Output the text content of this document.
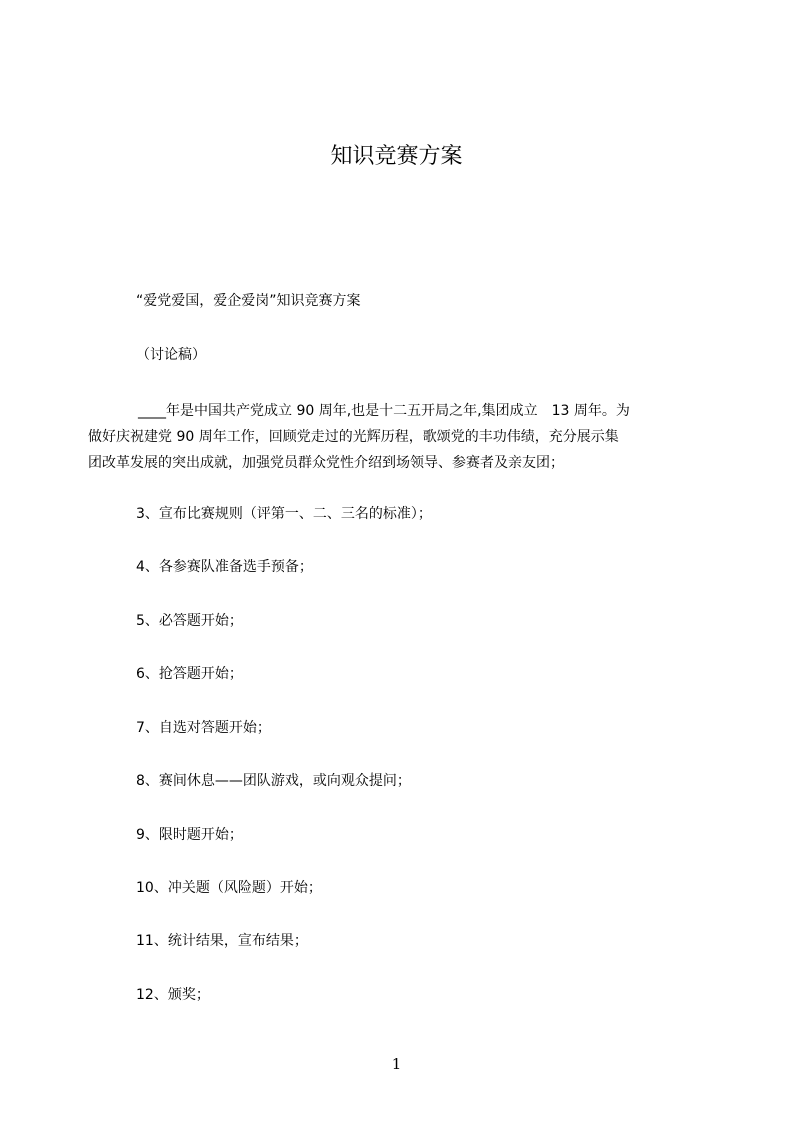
知识竞赛方案
“爱党爱国，爱企爱岗”知识竞赛方案
（讨论稿）
____年是中国共产党成立 90 周年,也是十二五开局之年,集团成立　13 周年。为
做好庆祝建党 90 周年工作，回顾党走过的光辉历程，歌颂党的丰功伟绩，充分展示集
团改革发展的突出成就，加强党员群众党性介绍到场领导、参赛者及亲友团；
3、宣布比赛规则（评第一、二、三名的标准）；
4、各参赛队准备选手预备；
5、必答题开始；
6、抢答题开始；
7、自选对答题开始；
8、赛间休息——团队游戏，或向观众提问；
9、限时题开始；
10、冲关题（风险题）开始；
11、统计结果，宣布结果；
12、颁奖；
1
